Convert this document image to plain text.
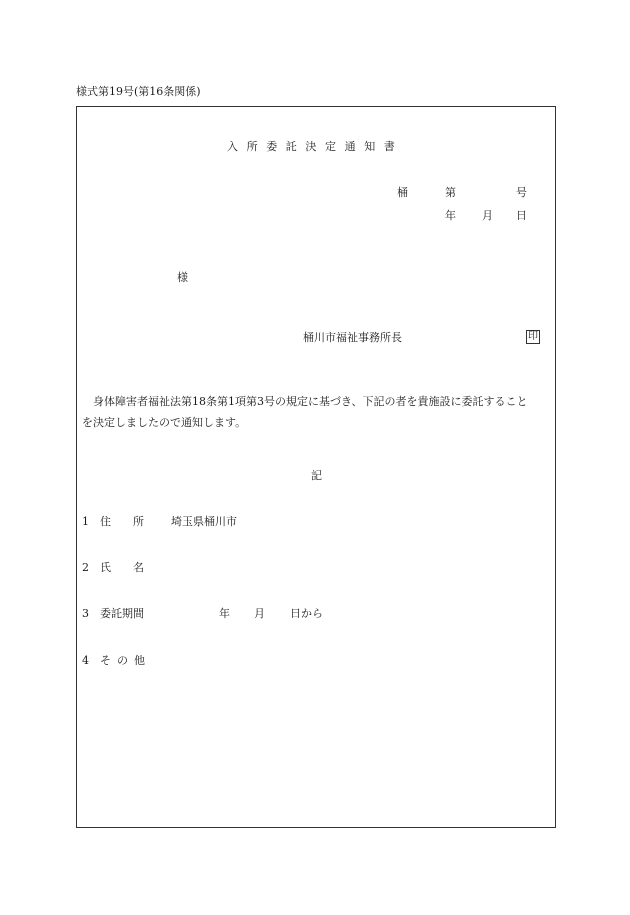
様式第19号(第16条関係)
入所委託決定通知書
桶	第	号
年 月 日
様
桶川市福祉事務所長	印
　身体障害者福祉法第18条第1項第3号の規定に基づき、下記の者を貴施設に委託すること
を決定しましたので通知します。
記
1 住所 埼玉県桶川市
2 氏名
3 委託期間	年 月 日から
4 その他
